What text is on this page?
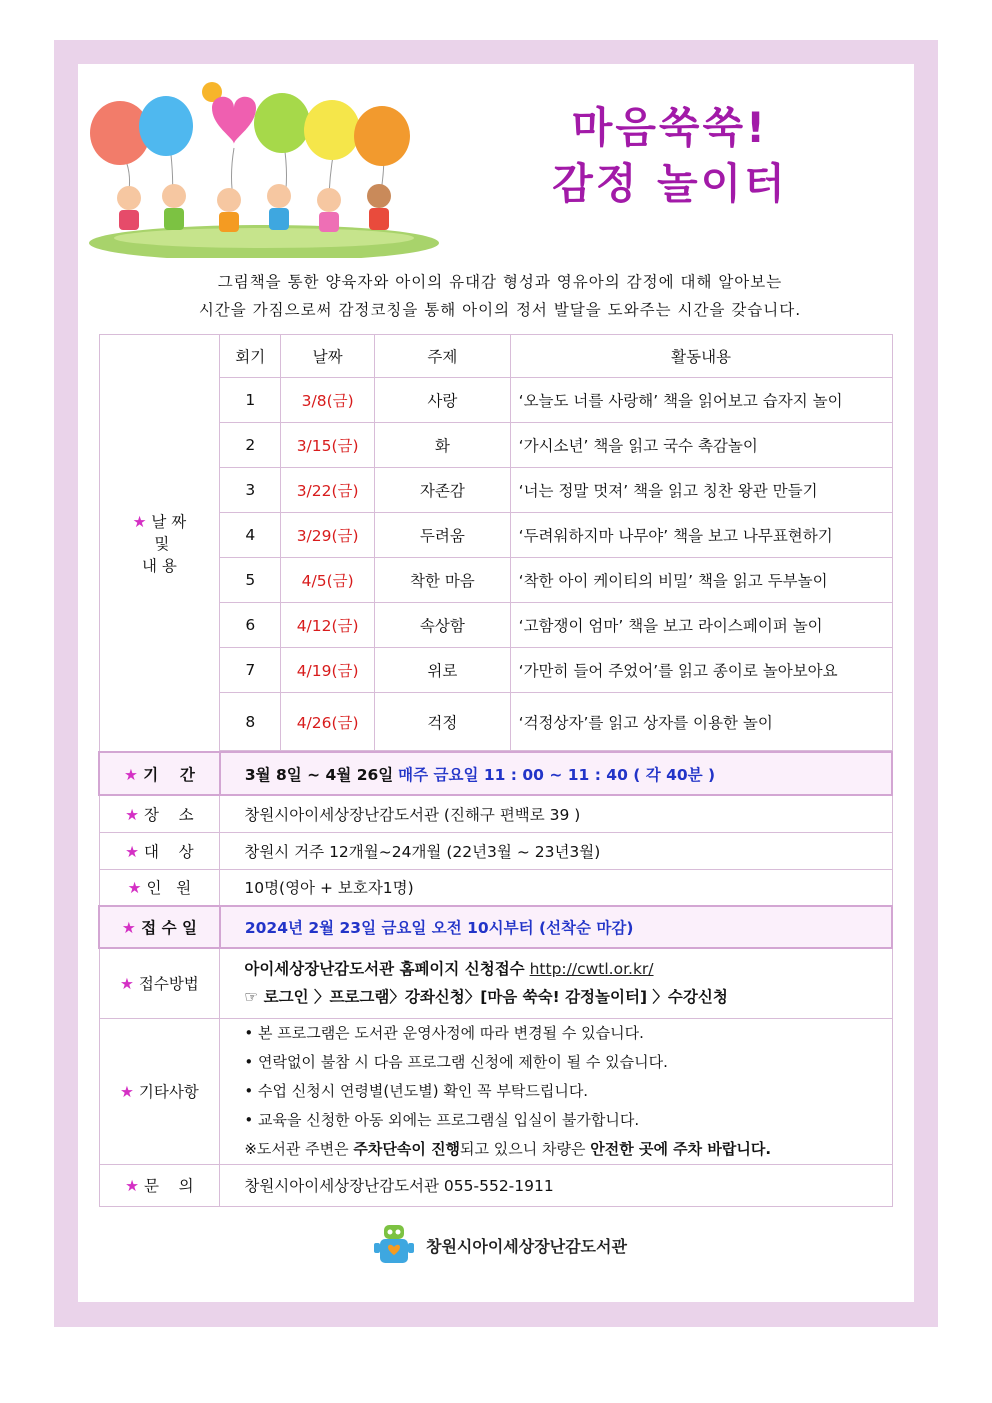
마음쑥쑥!
감정 놀이터
그림책을 통한 양육자와 아이의 유대감 형성과 영유아의 감정에 대해 알아보는
시간을 가짐으로써 감정코칭을 통해 아이의 정서 발달을 도와주는 시간을 갖습니다.
★ 날 짜
및
내 용	회기	날짜	주제	활동내용
	1	3/8(금)	사랑	‘오늘도 너를 사랑해’ 책을 읽어보고 습자지 놀이
	2	3/15(금)	화	‘가시소년’ 책을 읽고 국수 촉감놀이
	3	3/22(금)	자존감	‘너는 정말 멋져’ 책을 읽고 칭찬 왕관 만들기
	4	3/29(금)	두려움	‘두려워하지마 나무야’ 책을 보고 나무표현하기
	5	4/5(금)	착한 마음	‘착한 아이 케이티의 비밀’ 책을 읽고 두부놀이
	6	4/12(금)	속상함	‘고함쟁이 엄마’ 책을 보고 라이스페이퍼 놀이
	7	4/19(금)	위로	‘가만히 들어 주었어’를 읽고 종이로 놀아보아요
	8	4/26(금)	걱정	‘걱정상자’를 읽고 상자를 이용한 놀이

★ 기    간	3월 8일 ~ 4월 26일 매주 금요일 11 : 00 ~ 11 : 40 ( 각 40분 )			
★ 장    소	창원시아이세상장난감도서관 (진해구 편백로 39 )			
★ 대    상	창원시 거주 12개월~24개월 (22년3월 ~ 23년3월)			
★ 인   원	10명(영아 + 보호자1명)			
★ 접 수 일	2024년 2월 23일 금요일 오전 10시부터 (선착순 마감)			
★ 접수방법	아이세상장난감도서관 홈페이지 신청접수 http://cwtl.or.kr/
☞ 로그인 〉프로그램〉강좌신청〉[마음 쑥숙! 감정놀이터] 〉수강신청			

★ 기타사항	• 본 프로그램은 도서관 운영사정에 따라 변경될 수 있습니다.
• 연락없이 불참 시 다음 프로그램 신청에 제한이 될 수 있습니다.
• 수업 신청시 연령별(년도별) 확인 꼭 부탁드립니다.
• 교육을 신청한 아동 외에는 프로그램실 입실이 불가합니다.
※도서관 주변은 주차단속이 진행되고 있으니 차량은 안전한 곳에 주차 바랍니다.			

★ 문    의	창원시아이세상장난감도서관 055-552-1911			
창원시아이세상장난감도서관
